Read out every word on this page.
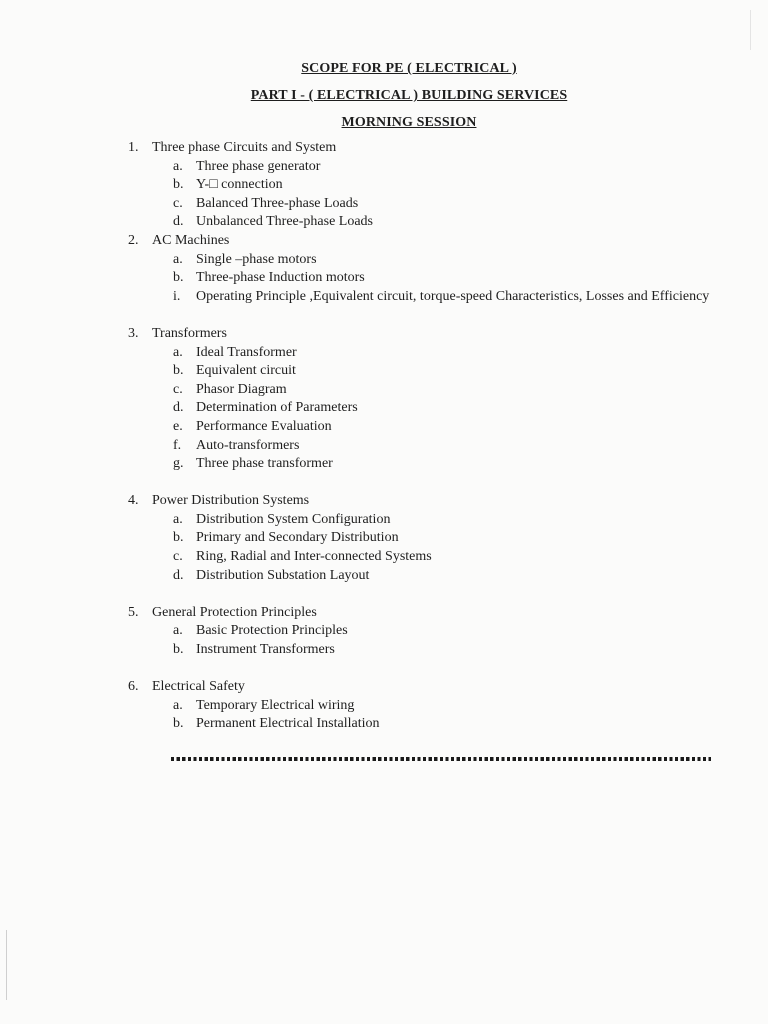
SCOPE FOR PE ( ELECTRICAL )
PART I - ( ELECTRICAL ) BUILDING SERVICES
MORNING SESSION
1. Three phase Circuits and System
a. Three phase generator
b. Y-□ connection
c. Balanced Three-phase Loads
d. Unbalanced Three-phase Loads
2. AC Machines
a. Single –phase motors
b. Three-phase Induction motors
i.	Operating Principle ,Equivalent circuit, torque-speed Characteristics, Losses and Efficiency
3. Transformers
a. Ideal Transformer
b. Equivalent circuit
c. Phasor Diagram
d. Determination of Parameters
e. Performance Evaluation
f.	Auto-transformers
g. Three phase transformer
4. Power Distribution Systems
a. Distribution System Configuration
b. Primary and Secondary Distribution
c. Ring, Radial and Inter-connected Systems
d. Distribution Substation Layout
5. General Protection Principles
a. Basic Protection Principles
b. Instrument Transformers
6. Electrical Safety
a. Temporary Electrical wiring
b. Permanent Electrical Installation
